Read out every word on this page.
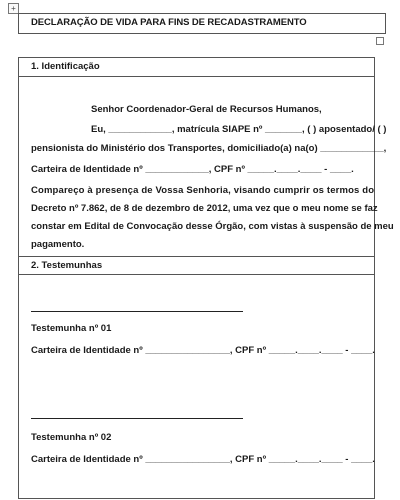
+
DECLARAÇÃO DE VIDA PARA FINS DE RECADASTRAMENTO
1. Identificação
Senhor Coordenador-Geral de Recursos Humanos,
Eu, ____________, matrícula SIAPE nº _______, ( ) aposentado/ ( )
pensionista do Ministério dos Transportes, domiciliado(a) na(o) ____________,
Carteira de Identidade nº ____________, CPF nº _____.____.____ - ____.
Compareço à presença de Vossa Senhoria, visando cumprir os termos do
Decreto nº 7.862, de 8 de dezembro de 2012, uma vez que o meu nome se faz
constar em Edital de Convocação desse Órgão, com vistas à suspensão de meu
pagamento.
2. Testemunhas
Testemunha nº 01
Carteira de Identidade nº ________________, CPF nº _____.____.____ - ____.
Testemunha nº 02
Carteira de Identidade nº ________________, CPF nº _____.____.____ - ____.
